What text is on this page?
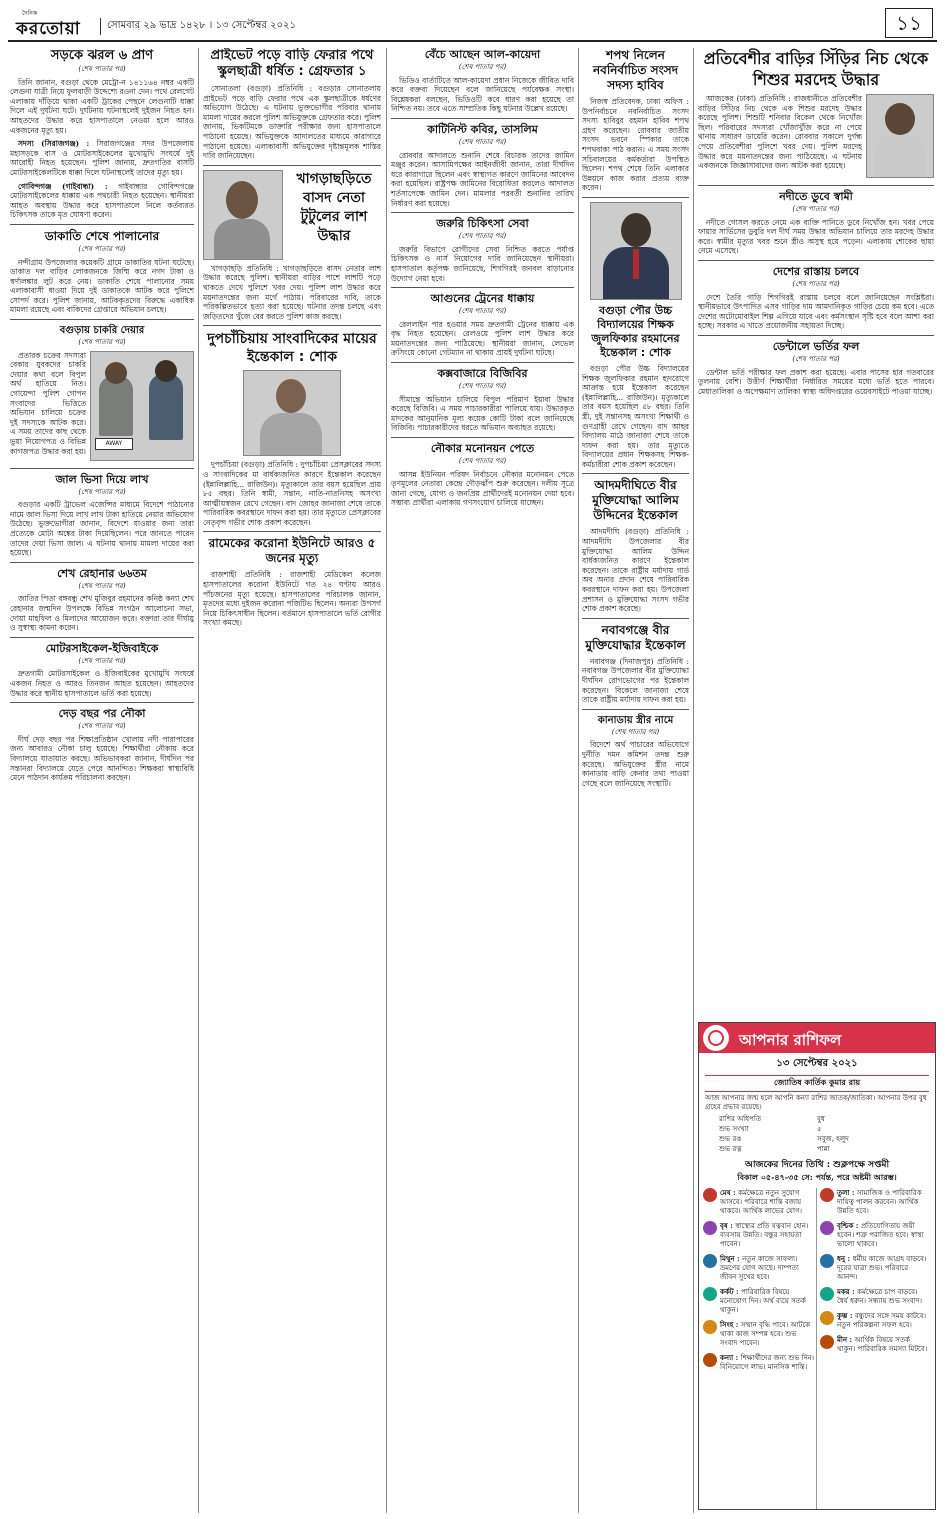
দৈনিক
করতোয়া	সোমবার ২৯ ভাদ্র ১৪২৮ । ১৩ সেপ্টেম্বর ২০২১	১১
সড়কে ঝরল ৬ প্রাণ
(শেষ পাতার পর)

তিনি জানান, বগুড়া থেকে মেট্রো-ন ১৪১১৬৪ নম্বর একটি লেগুনা যাত্রী নিয়ে ফুলবাড়ী উদ্দেশ্যে রওনা দেন। পথে রেলগেট এলাকায় দাঁড়িয়ে থাকা একটি ট্রাকের পেছনে লেগুনাটি ধাক্কা দিলে এই দুর্ঘটনা ঘটে। দুর্ঘটনায় ঘটনাস্থলেই দুইজন নিহত হন। আহতদের উদ্ধার করে হাসপাতালে নেওয়া হলে আরও একজনের মৃত্যু হয়।

সদস্য (সিরাজগঞ্জ) : সিরাজগঞ্জের সদর উপজেলায় মহাসড়কে বাস ও মোটরসাইকেলের মুখোমুখি সংঘর্ষে দুই আরোহী নিহত হয়েছেন। পুলিশ জানায়, দ্রুতগতির বাসটি মোটরসাইকেলটিকে ধাক্কা দিলে ঘটনাস্থলেই তাদের মৃত্যু হয়।

গোবিন্দগঞ্জ (গাইবান্ধা) : গাইবান্ধার গোবিন্দগঞ্জে মোটরসাইকেলের ধাক্কায় এক পথচারী নিহত হয়েছেন। স্থানীয়রা আহত অবস্থায় উদ্ধার করে হাসপাতালে নিলে কর্তব্যরত চিকিৎসক তাকে মৃত ঘোষণা করেন।

ডাকাতি শেষে পালানোর
(শেষ পাতার পর)

নন্দীগ্রাম উপজেলার কয়েকটি গ্রামে ডাকাতির ঘটনা ঘটেছে। ডাকাত দল বাড়ির লোকজনকে জিম্মি করে নগদ টাকা ও স্বর্ণালঙ্কার লুট করে নেয়। ডাকাতি শেষে পালানোর সময় এলাকাবাসী ধাওয়া দিয়ে দুই ডাকাতকে আটক করে পুলিশে সোপর্দ করে। পুলিশ জানায়, আটককৃতদের বিরুদ্ধে একাধিক মামলা রয়েছে এবং বাকিদের গ্রেপ্তারে অভিযান চলছে।

বগুড়ায় চাকরি দেয়ার
(শেষ পাতার পর)
AWAY

প্রতারক চক্রের সদস্যরা বেকার যুবকদের চাকরি দেয়ার কথা বলে বিপুল অর্থ হাতিয়ে নিত। গোয়েন্দা পুলিশ গোপন সংবাদের ভিত্তিতে অভিযান চালিয়ে চক্রের দুই সদস্যকে আটক করে। এ সময় তাদের কাছ থেকে ভুয়া নিয়োগপত্র ও বিভিন্ন কাগজপত্র উদ্ধার করা হয়।

জাল ভিসা দিয়ে লাখ
(শেষ পাতার পর)

বগুড়ার একটি ট্রাভেল এজেন্সির মাধ্যমে বিদেশে পাঠানোর নামে জাল ভিসা দিয়ে লাখ লাখ টাকা হাতিয়ে নেয়ার অভিযোগ উঠেছে। ভুক্তভোগীরা জানান, বিদেশে যাওয়ার জন্য তারা প্রত্যেকে মোটা অঙ্কের টাকা দিয়েছিলেন। পরে জানতে পারেন তাদের দেয়া ভিসা জাল। এ ঘটনায় থানায় মামলা দায়ের করা হয়েছে।

শেখ রেহানার ৬৬তম
(শেষ পাতার পর)

জাতির পিতা বঙ্গবন্ধু শেখ মুজিবুর রহমানের কনিষ্ঠ কন্যা শেখ রেহানার জন্মদিন উপলক্ষে বিভিন্ন সংগঠন আলোচনা সভা, দোয়া মাহফিল ও মিলাদের আয়োজন করে। বক্তারা তার দীর্ঘায়ু ও সুস্বাস্থ্য কামনা করেন।

মোটরসাইকেল-ইজিবাইকে
(শেষ পাতার পর)

দ্রুতগামী মোটরসাইকেল ও ইজিবাইকের মুখোমুখি সংঘর্ষে একজন নিহত ও আরও তিনজন আহত হয়েছেন। আহতদের উদ্ধার করে স্থানীয় হাসপাতালে ভর্তি করা হয়েছে।

দেড় বছর পর নৌকা
(শেষ পাতার পর)

দীর্ঘ দেড় বছর পর শিক্ষাপ্রতিষ্ঠান খোলায় নদী পারাপারের জন্য আবারও নৌকা চালু হয়েছে। শিক্ষার্থীরা নৌকায় করে বিদ্যালয়ে যাতায়াত করছে। অভিভাবকরা জানান, দীর্ঘদিন পর সন্তানরা বিদ্যালয়ে যেতে পেরে আনন্দিত। শিক্ষকরা স্বাস্থ্যবিধি মেনে পাঠদান কার্যক্রম পরিচালনা করছেন।

প্রাইভেট পড়ে বাড়ি ফেরার পথে স্কুলছাত্রী ধর্ষিত : গ্রেফতার ১

সোনাতলা (বগুড়া) প্রতিনিধি : বগুড়ার সোনাতলায় প্রাইভেট পড়ে বাড়ি ফেরার পথে এক স্কুলছাত্রীকে ধর্ষণের অভিযোগ উঠেছে। এ ঘটনায় ভুক্তভোগীর পরিবার থানায় মামলা দায়ের করলে পুলিশ অভিযুক্তকে গ্রেফতার করে। পুলিশ জানায়, ভিকটিমকে ডাক্তারি পরীক্ষার জন্য হাসপাতালে পাঠানো হয়েছে। অভিযুক্তকে আদালতের মাধ্যমে কারাগারে পাঠানো হয়েছে। এলাকাবাসী অভিযুক্তের দৃষ্টান্তমূলক শাস্তির দাবি জানিয়েছেন।

খাগড়াছড়িতে বাসদ নেতা টুটুলের লাশ উদ্ধার

খাগড়াছড়ি প্রতিনিধি : খাগড়াছড়িতে বাসদ নেতার লাশ উদ্ধার করেছে পুলিশ। স্থানীয়রা বাড়ির পাশে লাশটি পড়ে থাকতে দেখে পুলিশে খবর দেয়। পুলিশ লাশ উদ্ধার করে ময়নাতদন্তের জন্য মর্গে পাঠায়। পরিবারের দাবি, তাকে পরিকল্পিতভাবে হত্যা করা হয়েছে। ঘটনার তদন্ত চলছে এবং জড়িতদের খুঁজে বের করতে পুলিশ কাজ করছে।

দুপচাঁচিয়ায় সাংবাদিকের মায়ের ইন্তেকাল : শোক

দুপচাঁচিয়া (বগুড়া) প্রতিনিধি : দুপচাঁচিয়া প্রেসক্লাবের সদস্য ও সাংবাদিকের মা বার্ধক্যজনিত কারণে ইন্তেকাল করেছেন (ইন্নালিল্লাহি... রাজিউন)। মৃত্যুকালে তার বয়স হয়েছিল প্রায় ৮৫ বছর। তিনি স্বামী, সন্তান, নাতি-নাতনিসহ অসংখ্য আত্মীয়স্বজন রেখে গেছেন। বাদ জোহর জানাজা শেষে তাকে পারিবারিক কবরস্থানে দাফন করা হয়। তার মৃত্যুতে প্রেসক্লাবের নেতৃবৃন্দ গভীর শোক প্রকাশ করেছেন।

রামেকের করোনা ইউনিটে আরও ৫ জনের মৃত্যু

রাজশাহী প্রতিনিধি : রাজশাহী মেডিকেল কলেজ হাসপাতালের করোনা ইউনিটে গত ২৪ ঘণ্টায় আরও পাঁচজনের মৃত্যু হয়েছে। হাসপাতালের পরিচালক জানান, মৃতদের মধ্যে দুইজন করোনা পজিটিভ ছিলেন। অন্যরা উপসর্গ নিয়ে চিকিৎসাধীন ছিলেন। বর্তমানে হাসপাতালে ভর্তি রোগীর সংখ্যা কমছে।

বেঁচে আছেন আল-কায়েদা
(শেষ পাতার পর)

ভিডিও বার্তাটিতে আল-কায়েদা প্রধান নিজেকে জীবিত দাবি করে বক্তব্য দিয়েছেন বলে জানিয়েছে পর্যবেক্ষক সংস্থা। বিশ্লেষকরা বলছেন, ভিডিওটি কবে ধারণ করা হয়েছে তা নিশ্চিত নয়। তবে এতে সাম্প্রতিক কিছু ঘটনার উল্লেখ রয়েছে।

কাটিনিস্ট কবির, তাসলিম
(শেষ পাতার পর)

রোববার আদালতে শুনানি শেষে বিচারক তাদের জামিন মঞ্জুর করেন। আসামিপক্ষের আইনজীবী জানান, তারা দীর্ঘদিন ধরে কারাগারে ছিলেন এবং স্বাস্থ্যগত কারণে জামিনের আবেদন করা হয়েছিল। রাষ্ট্রপক্ষ জামিনের বিরোধিতা করলেও আদালত শর্তসাপেক্ষে জামিন দেন। মামলার পরবর্তী শুনানির তারিখ নির্ধারণ করা হয়েছে।

জরুরি চিকিৎসা সেবা
(শেষ পাতার পর)

জরুরি বিভাগে রোগীদের সেবা নিশ্চিত করতে পর্যাপ্ত চিকিৎসক ও নার্স নিয়োগের দাবি জানিয়েছেন স্থানীয়রা। হাসপাতাল কর্তৃপক্ষ জানিয়েছে, শিগগিরই জনবল বাড়ানোর উদ্যোগ নেয়া হবে।

আগুনের ট্রেনের ধাক্কায়
(শেষ পাতার পর)

রেললাইন পার হওয়ার সময় দ্রুতগামী ট্রেনের ধাক্কায় এক বৃদ্ধ নিহত হয়েছেন। রেলওয়ে পুলিশ লাশ উদ্ধার করে ময়নাতদন্তের জন্য পাঠিয়েছে। স্থানীয়রা জানান, লেভেল ক্রসিংয়ে কোনো গেটম্যান না থাকায় প্রায়ই দুর্ঘটনা ঘটছে।

কক্সবাজারে বিজিবির
(শেষ পাতার পর)

সীমান্তে অভিযান চালিয়ে বিপুল পরিমাণ ইয়াবা উদ্ধার করেছে বিজিবি। এ সময় পাচারকারীরা পালিয়ে যায়। উদ্ধারকৃত মাদকের আনুমানিক মূল্য কয়েক কোটি টাকা বলে জানিয়েছে বিজিবি। পাচারকারীদের ধরতে অভিযান অব্যাহত রয়েছে।

নৌকার মনোনয়ন পেতে
(শেষ পাতার পর)

আসন্ন ইউনিয়ন পরিষদ নির্বাচনে নৌকার মনোনয়ন পেতে তৃণমূলের নেতারা কেন্দ্রে দৌড়ঝাঁপ শুরু করেছেন। দলীয় সূত্রে জানা গেছে, যোগ্য ও জনপ্রিয় প্রার্থীদেরই মনোনয়ন দেয়া হবে। সম্ভাব্য প্রার্থীরা এলাকায় গণসংযোগ চালিয়ে যাচ্ছেন।

শপথ নিলেন নবনির্বাচিত সংসদ সদস্য হাবিব

নিজস্ব প্রতিবেদক, ঢাকা অফিস : উপনির্বাচনে নবনির্বাচিত সংসদ সদস্য হাবিবুর রহমান হাবিব শপথ গ্রহণ করেছেন। রোববার জাতীয় সংসদ ভবনে স্পিকার তাকে শপথবাক্য পাঠ করান। এ সময় সংসদ সচিবালয়ের কর্মকর্তারা উপস্থিত ছিলেন। শপথ শেষে তিনি এলাকার উন্নয়নে কাজ করার প্রত্যয় ব্যক্ত করেন।

বগুড়া পৌর উচ্চ বিদ্যালয়ের শিক্ষক জুলফিকার রহমানের ইন্তেকাল : শোক

বগুড়া পৌর উচ্চ বিদ্যালয়ের শিক্ষক জুলফিকার রহমান হৃদরোগে আক্রান্ত হয়ে ইন্তেকাল করেছেন (ইন্নালিল্লাহি... রাজিউন)। মৃত্যুকালে তার বয়স হয়েছিল ৫৮ বছর। তিনি স্ত্রী, দুই সন্তানসহ অসংখ্য শিক্ষার্থী ও গুণগ্রাহী রেখে গেছেন। বাদ আছর বিদ্যালয় মাঠে জানাজা শেষে তাকে দাফন করা হয়। তার মৃত্যুতে বিদ্যালয়ের প্রধান শিক্ষকসহ শিক্ষক-কর্মচারীরা শোক প্রকাশ করেছেন।

আদমদীঘিতে বীর মুক্তিযোদ্ধা আলিম উদ্দিনের ইন্তেকাল

আদমদীঘি (বগুড়া) প্রতিনিধি : আদমদীঘি উপজেলার বীর মুক্তিযোদ্ধা আলিম উদ্দিন বার্ধক্যজনিত কারণে ইন্তেকাল করেছেন। তাকে রাষ্ট্রীয় মর্যাদায় গার্ড অব অনার প্রদান শেষে পারিবারিক কবরস্থানে দাফন করা হয়। উপজেলা প্রশাসন ও মুক্তিযোদ্ধা সংসদ গভীর শোক প্রকাশ করেছে।

নবাবগঞ্জে বীর মুক্তিযোদ্ধার ইন্তেকাল

নবাবগঞ্জ (দিনাজপুর) প্রতিনিধি : নবাবগঞ্জ উপজেলার বীর মুক্তিযোদ্ধা দীর্ঘদিন রোগভোগের পর ইন্তেকাল করেছেন। বিকেলে জানাজা শেষে তাকে রাষ্ট্রীয় মর্যাদায় দাফন করা হয়।

কানাডায় স্ত্রীর নামে
(শেষ পাতার পর)

বিদেশে অর্থ পাচারের অভিযোগে দুর্নীতি দমন কমিশন তদন্ত শুরু করেছে। অভিযুক্তের স্ত্রীর নামে কানাডায় বাড়ি কেনার তথ্য পাওয়া গেছে বলে জানিয়েছে সংস্থাটি।

প্রতিবেশীর বাড়ির সিঁড়ির নিচ থেকে শিশুর মরদেহ উদ্ধার

আজকের (ঢাকা) প্রতিনিধি : রাজধানীতে প্রতিবেশীর বাড়ির সিঁড়ির নিচ থেকে এক শিশুর মরদেহ উদ্ধার করেছে পুলিশ। শিশুটি শনিবার বিকেল থেকে নিখোঁজ ছিল। পরিবারের সদস্যরা খোঁজাখুঁজি করে না পেয়ে থানায় সাধারণ ডায়েরি করেন। রোববার সকালে দুর্গন্ধ পেয়ে প্রতিবেশীরা পুলিশে খবর দেয়। পুলিশ মরদেহ উদ্ধার করে ময়নাতদন্তের জন্য পাঠিয়েছে। এ ঘটনায় একজনকে জিজ্ঞাসাবাদের জন্য আটক করা হয়েছে।

নদীতে ডুবে স্বামী
(শেষ পাতার পর)

নদীতে গোসল করতে নেমে এক ব্যক্তি পানিতে ডুবে নিখোঁজ হন। খবর পেয়ে ফায়ার সার্ভিসের ডুবুরি দল দীর্ঘ সময় উদ্ধার অভিযান চালিয়ে তার মরদেহ উদ্ধার করে। স্বামীর মৃত্যুর খবর শুনে স্ত্রীও অসুস্থ হয়ে পড়েন। এলাকায় শোকের ছায়া নেমে এসেছে।

দেশের রাস্তায় চলবে
(শেষ পাতার পর)

দেশে তৈরি গাড়ি শিগগিরই রাস্তায় চলবে বলে জানিয়েছেন সংশ্লিষ্টরা। স্থানীয়ভাবে উৎপাদিত এসব গাড়ির দাম আমদানিকৃত গাড়ির চেয়ে কম হবে। এতে দেশের অটোমোবাইল শিল্প এগিয়ে যাবে এবং কর্মসংস্থান সৃষ্টি হবে বলে আশা করা হচ্ছে। সরকার এ খাতে প্রয়োজনীয় সহায়তা দিচ্ছে।

ডেন্টালে ভর্তির ফল
(শেষ পাতার পর)

ডেন্টাল ভর্তি পরীক্ষার ফল প্রকাশ করা হয়েছে। এবার পাসের হার গতবারের তুলনায় বেশি। উত্তীর্ণ শিক্ষার্থীরা নির্ধারিত সময়ের মধ্যে ভর্তি হতে পারবে। মেধাতালিকা ও অপেক্ষমাণ তালিকা স্বাস্থ্য অধিদপ্তরের ওয়েবসাইটে পাওয়া যাচ্ছে।

আপনার রাশিফল
১৩ সেপ্টেম্বর ২০২১
জ্যোতিষ কার্তিক কুমার রায়

আজ আপনার জন্ম হলে আপনি কন্যা রাশির জাতক/জাতিকা। আপনার উপর বুধ গ্রহের প্রভাব রয়েছে।

রাশির অধিপতি	বুধ
শুভ সংখ্যা	৫
শুভ রঙ	সবুজ, হলুদ
শুভ রত্ন	পান্না
আজকের দিনের তিথি : শুক্লপক্ষে সপ্তমী
বিকাল ০৫-৪৭-৩৫ সে: পর্যন্ত, পরে অষ্টমী আরম্ভ।
মেষ : কর্মক্ষেত্রে নতুন সুযোগ আসবে। পরিবারে শান্তি বজায় থাকবে। আর্থিক লাভের যোগ।
বৃষ : স্বাস্থ্যের প্রতি যত্নবান হোন। ব্যবসায় উন্নতি। বন্ধুর সহায়তা পাবেন।
মিথুন : নতুন কাজে সাফল্য। ভ্রমণের যোগ আছে। দাম্পত্য জীবন সুখের হবে।
কর্কট : পারিবারিক বিষয়ে মনোযোগ দিন। অর্থ ব্যয়ে সতর্ক থাকুন।
সিংহ : সম্মান বৃদ্ধি পাবে। আটকে থাকা কাজ সম্পন্ন হবে। শুভ সংবাদ পাবেন।
কন্যা : শিক্ষার্থীদের জন্য শুভ দিন। বিনিয়োগে লাভ। মানসিক শান্তি।
তুলা : সামাজিক ও পারিবারিক দায়িত্ব পালন করবেন। আর্থিক উন্নতি হবে।
বৃশ্চিক : প্রতিযোগিতায় জয়ী হবেন। শত্রু পরাজিত হবে। স্বাস্থ্য ভালো থাকবে।
ধনু : ধর্মীয় কাজে আগ্রহ বাড়বে। দূরের যাত্রা শুভ। পরিবারে আনন্দ।
মকর : কর্মক্ষেত্রে চাপ বাড়বে। ধৈর্য ধরুন। সন্ধ্যায় শুভ সংবাদ।
কুম্ভ : বন্ধুদের সঙ্গে সময় কাটবে। নতুন পরিকল্পনা সফল হবে।
মীন : আর্থিক বিষয়ে সতর্ক থাকুন। পারিবারিক সমস্যা মিটবে।
